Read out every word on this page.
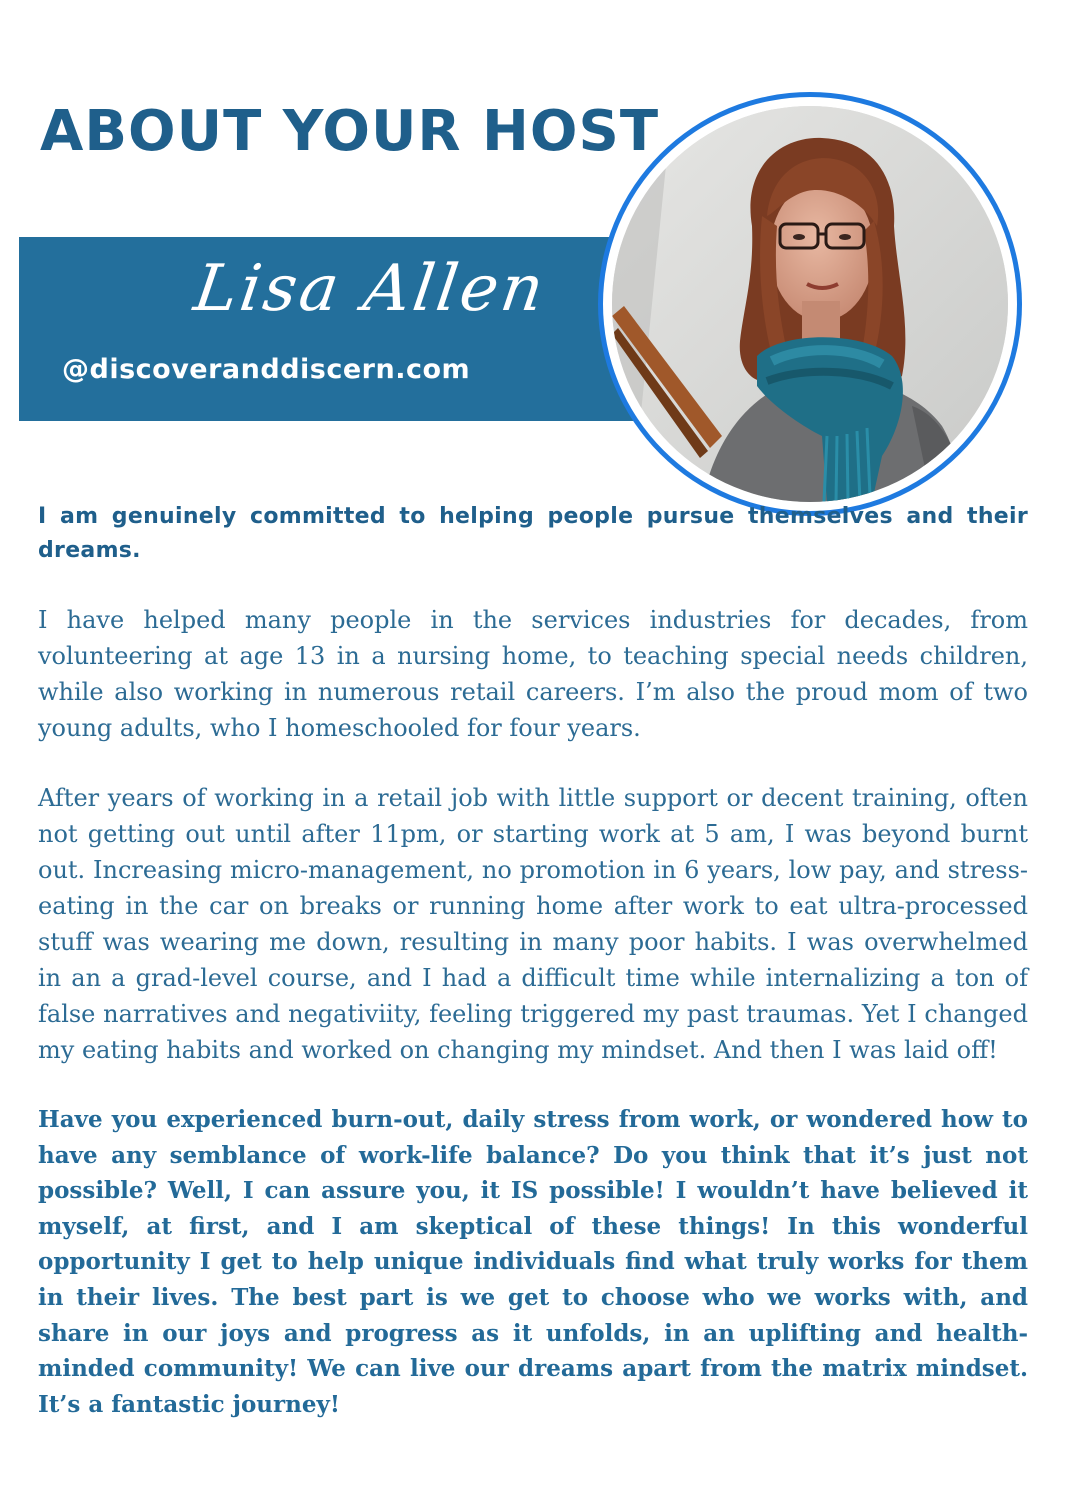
ABOUT YOUR HOST
Lisa Allen
@discoveranddiscern.com

I am genuinely committed to helping people pursue themselves and their dreams.

I have helped many people in the services industries for decades, from volunteering at age 13 in a nursing home, to teaching special needs children, while also working in numerous retail careers. I’m also the proud mom of two young adults, who I homeschooled for four years.

After years of working in a retail job with little support or decent training, often not getting out until after 11pm, or starting work at 5 am, I was beyond burnt out. Increasing micro-management, no promotion in 6 years, low pay, and stress-eating in the car on breaks or running home after work to eat ultra-processed stuff was wearing me down, resulting in many poor habits. I was overwhelmed in an a grad-level course, and I had a difficult time while internalizing a ton of false narratives and negativiity, feeling triggered my past traumas. Yet I changed my eating habits and worked on changing my mindset. And then I was laid off!

Have you experienced burn-out, daily stress from work, or wondered how to have any semblance of work-life balance? Do you think that it’s just not possible? Well, I can assure you, it IS possible! I wouldn’t have believed it myself, at first, and I am skeptical of these things! In this wonderful opportunity I get to help unique individuals find what truly works for them in their lives. The best part is we get to choose who we works with, and share in our joys and progress as it unfolds, in an uplifting and health-minded community! We can live our dreams apart from the matrix mindset. It’s a fantastic journey!
